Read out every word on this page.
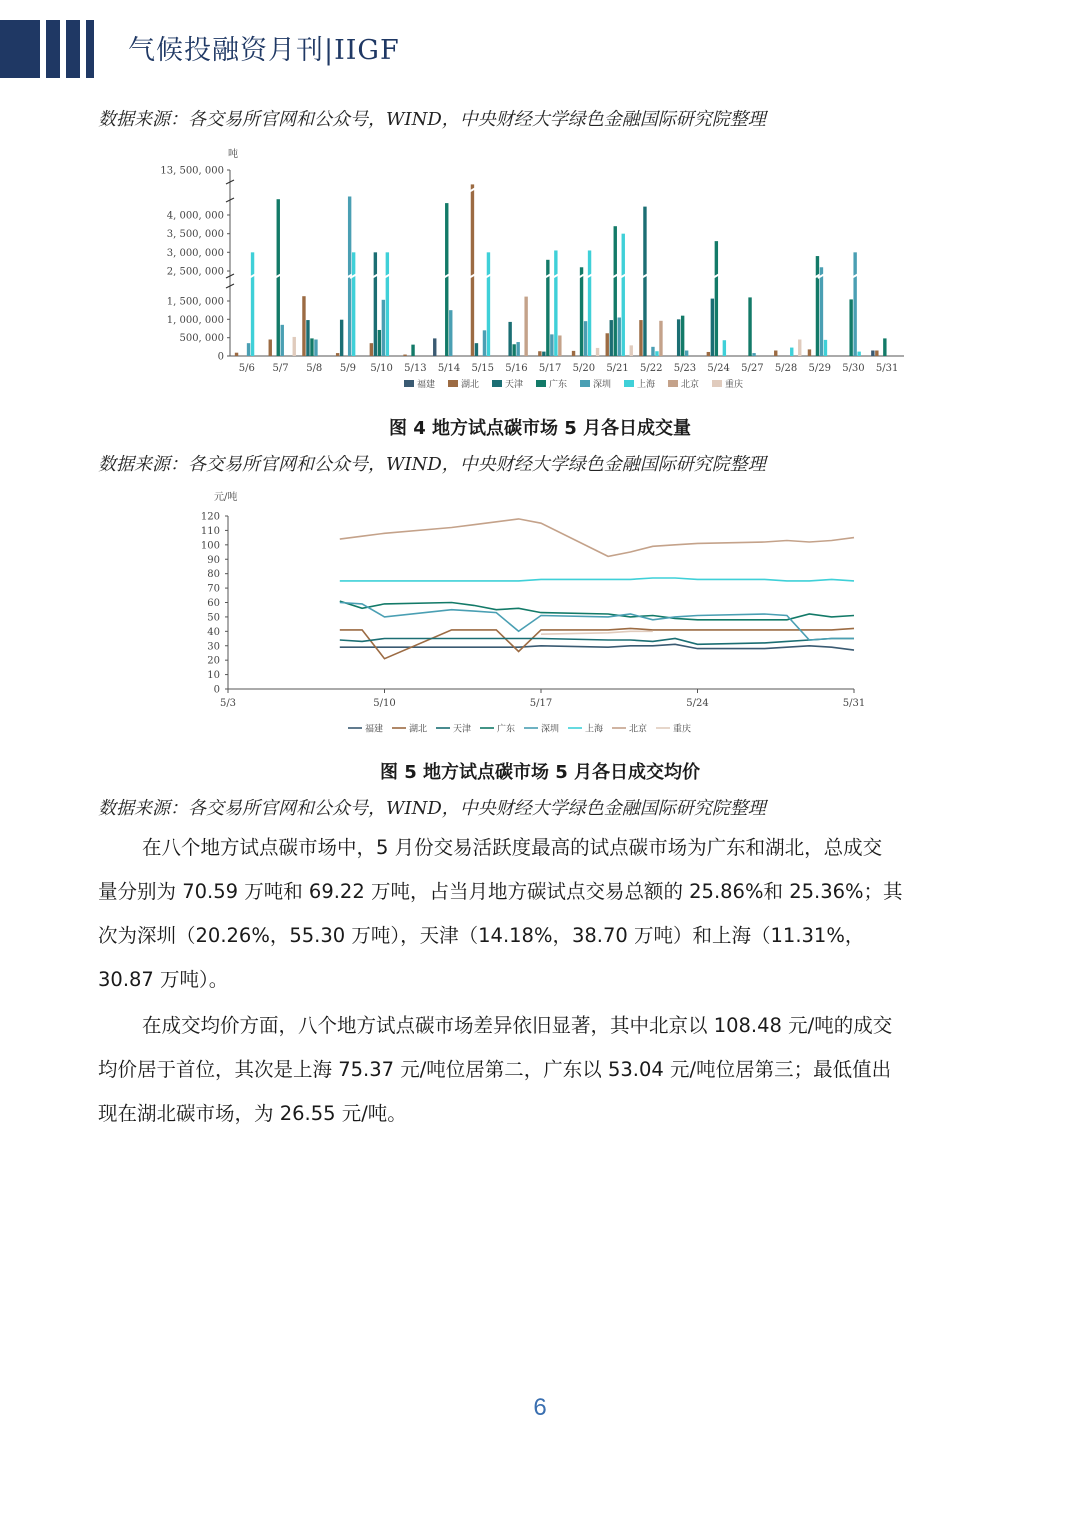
气候投融资月刊|IIGF
数据来源：各交易所官网和公众号，WIND，中央财经大学绿色金融国际研究院整理
吨
0
500, 000
1, 000, 000
1, 500, 000
2, 500, 000
3, 000, 000
3, 500, 000
4, 000, 000
13, 500, 000
5/6 5/7 5/8 5/9 5/10 5/13 5/14 5/15 5/16 5/17 5/20 5/21 5/22 5/23 5/24 5/27 5/28 5/29 5/30 5/31
福建	湖北	天津	广东	深圳	上海	北京	重庆
图 4 地方试点碳市场 5 月各日成交量
数据来源：各交易所官网和公众号，WIND，中央财经大学绿色金融国际研究院整理
元/吨
0
10
20
30
40
50
60
70
80
90
100
110
120
5/3	5/10	5/17	5/24	5/31
福建	湖北	天津	广东	深圳	上海	北京	重庆
图 5 地方试点碳市场 5 月各日成交均价
数据来源：各交易所官网和公众号，WIND，中央财经大学绿色金融国际研究院整理
在八个地方试点碳市场中，5 月份交易活跃度最高的试点碳市场为广东和湖北，总成交
量分别为 70.59 万吨和 69.22 万吨，占当月地方碳试点交易总额的 25.86%和 25.36%；其
次为深圳（20.26%，55.30 万吨），天津（14.18%，38.70 万吨）和上海（11.31%，
30.87 万吨）。
在成交均价方面，八个地方试点碳市场差异依旧显著，其中北京以 108.48 元/吨的成交
均价居于首位，其次是上海 75.37 元/吨位居第二，广东以 53.04 元/吨位居第三；最低值出
现在湖北碳市场，为 26.55 元/吨。
6
